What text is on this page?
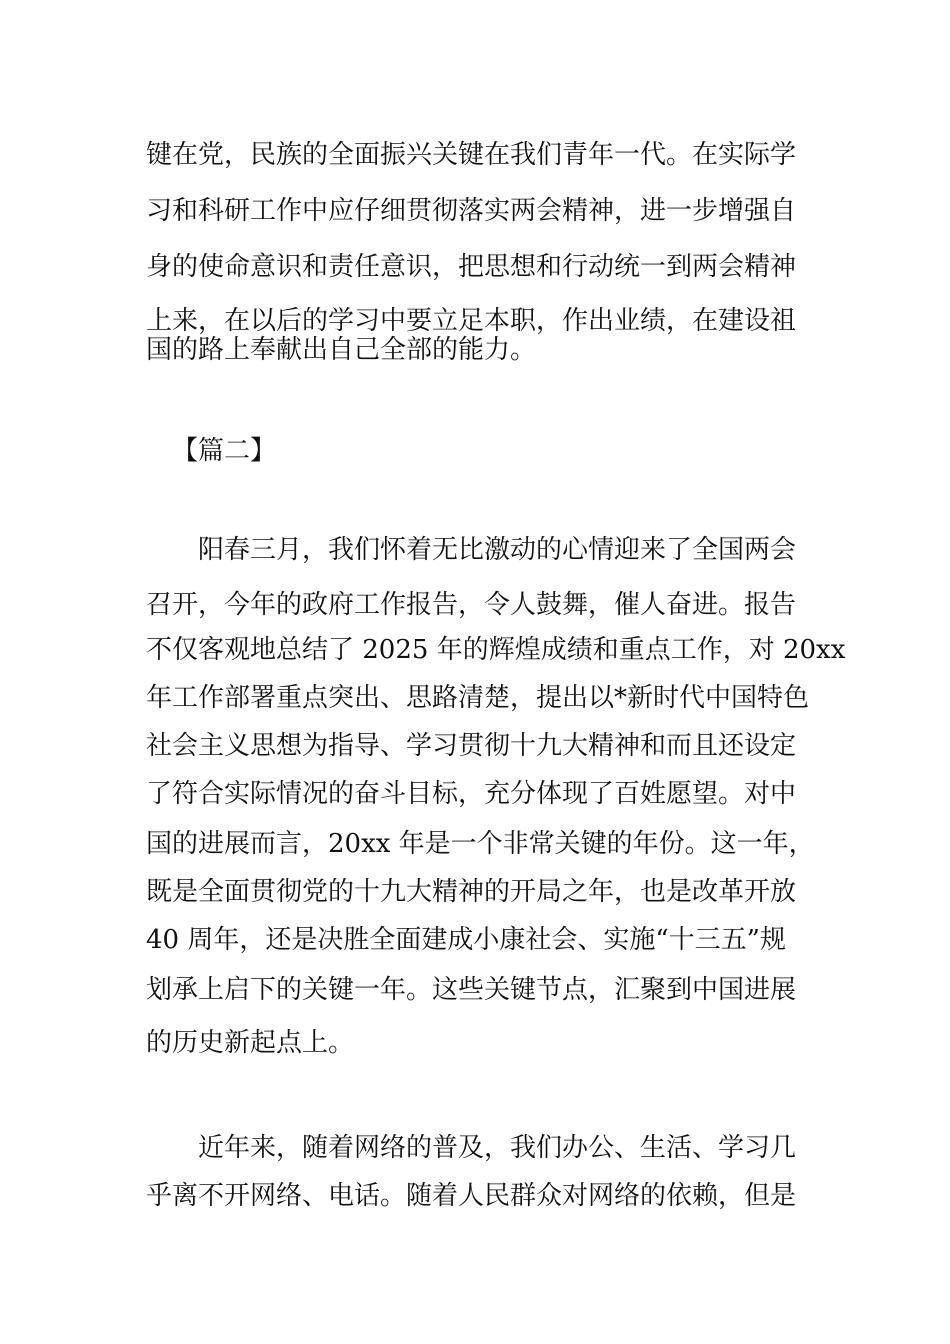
键在党，民族的全面振兴关键在我们青年一代。在实际学
习和科研工作中应仔细贯彻落实两会精神，进一步增强自
身的使命意识和责任意识，把思想和行动统一到两会精神
上来，在以后的学习中要立足本职，作出业绩，在建设祖
国的路上奉献出自己全部的能力。
【篇二】
阳春三月，我们怀着无比激动的心情迎来了全国两会
召开，今年的政府工作报告，令人鼓舞，催人奋进。报告
不仅客观地总结了 2025 年的辉煌成绩和重点工作，对 20xx
年工作部署重点突出、思路清楚，提出以*新时代中国特色
社会主义思想为指导、学习贯彻十九大精神和而且还设定
了符合实际情况的奋斗目标，充分体现了百姓愿望。对中
国的进展而言，20xx 年是一个非常关键的年份。这一年，
既是全面贯彻党的十九大精神的开局之年，也是改革开放
40 周年，还是决胜全面建成小康社会、实施“十三五”规
划承上启下的关键一年。这些关键节点，汇聚到中国进展
的历史新起点上。
近年来，随着网络的普及，我们办公、生活、学习几
乎离不开网络、电话。随着人民群众对网络的依赖，但是
